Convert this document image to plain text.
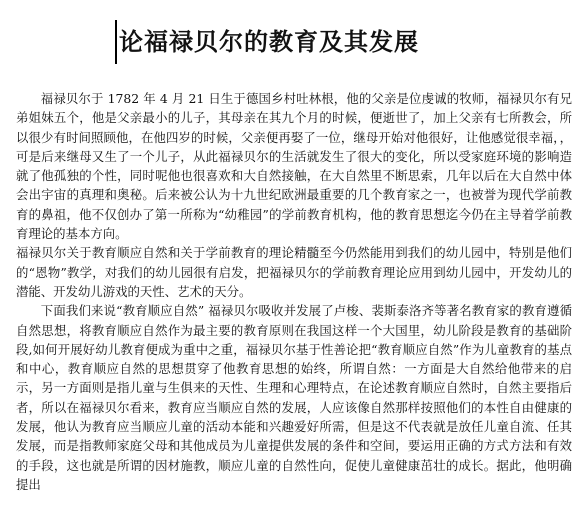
论福禄贝尔的教育及其发展

福禄贝尔于 1782 年 4 月 21 日生于德国乡村吐林根，他的父亲是位虔诚的牧师，福禄贝尔有兄弟姐妹五个，他是父亲最小的儿子，其母亲在其九个月的时候，便逝世了，加上父亲有七所教会，所以很少有时间照顾他，在他四岁的时候，父亲便再娶了一位，继母开始对他很好，让他感觉很幸福，，可是后来继母又生了一个儿子，从此福禄贝尔的生活就发生了很大的变化，所以受家庭环境的影响造就了他孤独的个性，同时呢他也很喜欢和大自然接触，在大自然里不断思索，几年以后在大自然中体会出宇宙的真理和奥秘。后来被公认为十九世纪欧洲最重要的几个教育家之一，也被誉为现代学前教育的鼻祖，他不仅创办了第一所称为“幼稚园”的学前教育机构，他的教育思想迄今仍在主导着学前教育理论的基本方向。

福禄贝尔关于教育顺应自然和关于学前教育的理论精髓至今仍然能用到我们的幼儿园中，特别是他们的“恩物”教学，对我们的幼儿园很有启发，把福禄贝尔的学前教育理论应用到幼儿园中，开发幼儿的潜能、开发幼儿游戏的天性、艺术的天分。

下面我们来说“教育顺应自然” 福禄贝尔吸收并发展了卢梭、裴斯泰洛齐等著名教育家的教育遵循自然思想，将教育顺应自然作为最主要的教育原则在我国这样一个大国里，幼儿阶段是教育的基础阶段,如何开展好幼儿教育便成为重中之重，福禄贝尔基于性善论把“教育顺应自然”作为儿童教育的基点和中心，教育顺应自然的思想贯穿了他教育思想的始终，所谓自然：一方面是大自然给他带来的启示，另一方面则是指儿童与生俱来的天性、生理和心理特点，在论述教育顺应自然时，自然主要指后者，所以在福禄贝尔看来，教育应当顺应自然的发展，人应该像自然那样按照他们的本性自由健康的发展，他认为教育应当顺应儿童的活动本能和兴趣爱好所需，但是这不代表就是放任儿童自流、任其发展，而是指教师家庭父母和其他成员为儿童提供发展的条件和空间，要运用正确的方式方法和有效的手段，这也就是所谓的因材施教，顺应儿童的自然性向，促使儿童健康茁壮的成长。据此，他明确提出
